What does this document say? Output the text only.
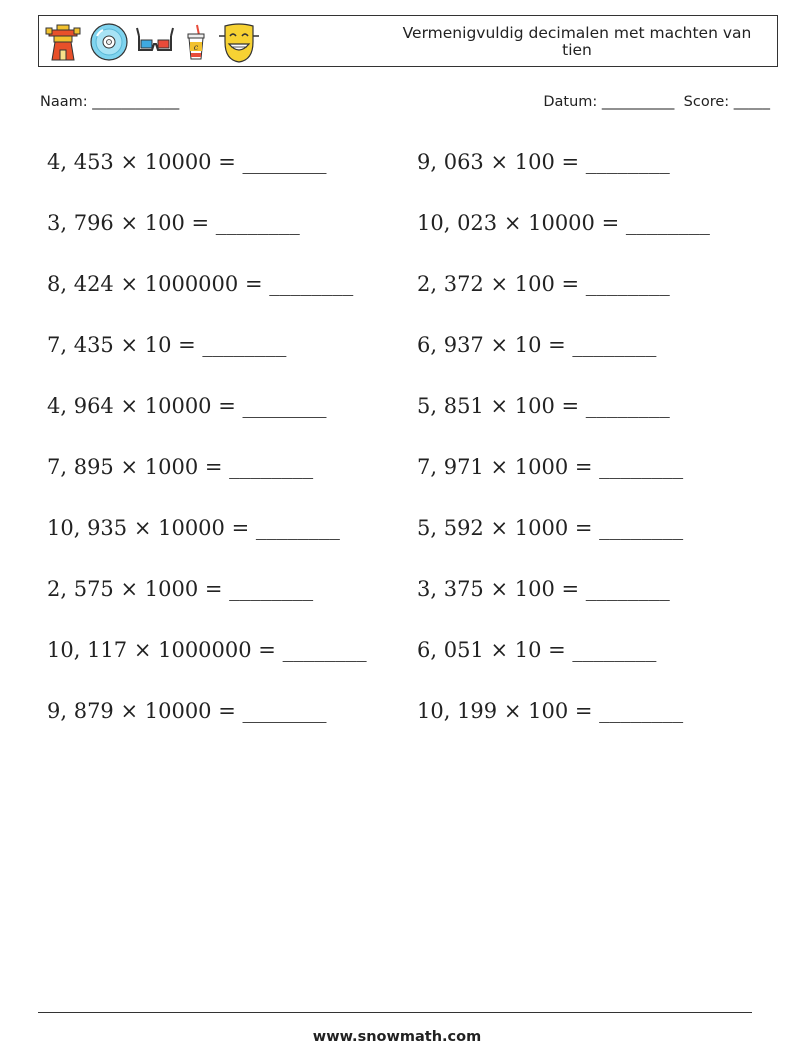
c
Vermenigvuldig decimalen met machten van tien
Naam: ____________	Datum: __________ Score: _____
4, 453 × 10000 = ________	9, 063 × 100 = ________
3, 796 × 100 = ________	10, 023 × 10000 = ________
8, 424 × 1000000 = ________	2, 372 × 100 = ________
7, 435 × 10 = ________	6, 937 × 10 = ________
4, 964 × 10000 = ________	5, 851 × 100 = ________
7, 895 × 1000 = ________	7, 971 × 1000 = ________
10, 935 × 10000 = ________	5, 592 × 1000 = ________
2, 575 × 1000 = ________	3, 375 × 100 = ________
10, 117 × 1000000 = ________ 6, 051 × 10 = ________
9, 879 × 10000 = ________	10, 199 × 100 = ________
www.snowmath.com
